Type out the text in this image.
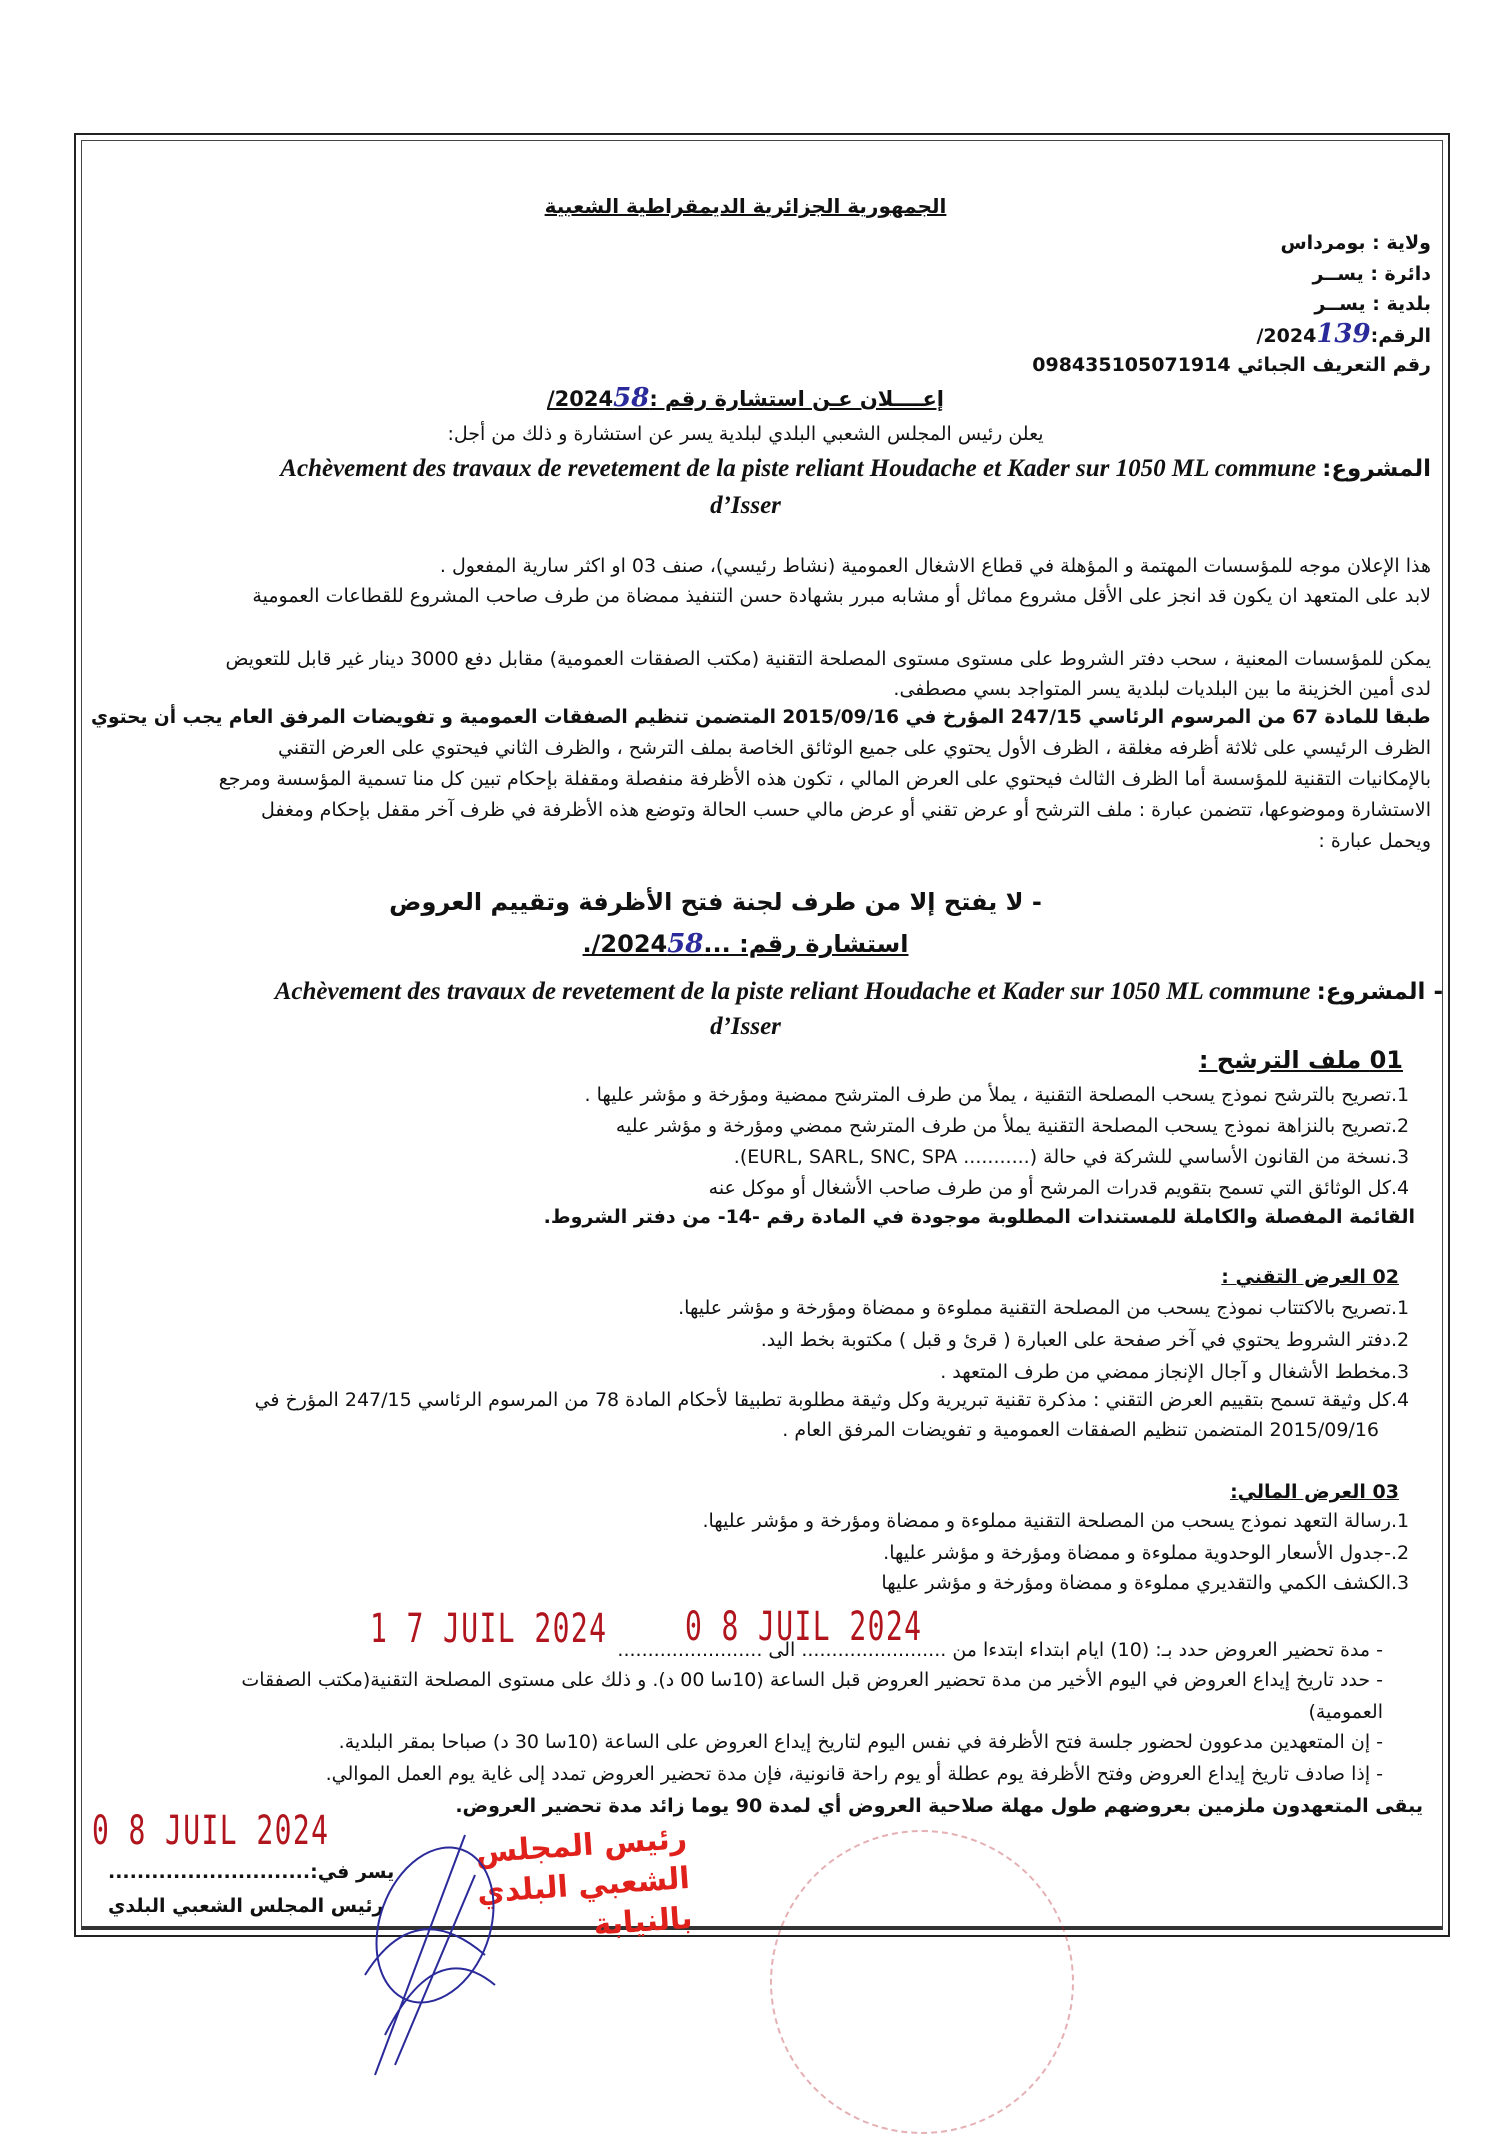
الجمهورية الجزائرية الديمقراطية الشعبية
ولاية : بومرداس
دائرة : يســر
بلدية : يســر
الرقم:139/2024
رقم التعريف الجبائي 09843510507191​4
إعــــلان عـن استشارة رقم :58/2024
يعلن رئيس المجلس الشعبي البلدي لبلدية يسر عن استشارة و ذلك من أجل:
المشروع: Achèvement des travaux de revetement de la piste reliant Houdache et Kader sur 1050 ML commune
d’Isser
هذا الإعلان موجه للمؤسسات المهتمة و المؤهلة في قطاع الاشغال العمومية (نشاط رئيسي)، صنف 03 او اكثر سارية المفعول .
لابد على المتعهد ان يكون قد انجز على الأقل مشروع مماثل أو مشابه مبرر بشهادة حسن التنفيذ ممضاة من طرف صاحب المشروع للقطاعات العمومية
يمكن للمؤسسات المعنية ، سحب دفتر الشروط على مستوى مستوى المصلحة التقنية (مكتب الصفقات العمومية) مقابل دفع 3000 دينار غير قابل للتعويض
لدى أمين الخزينة ما بين البلديات لبلدية يسر المتواجد بسي مصطفى.
طبقا للمادة 67 من المرسوم الرئاسي 247/15 المؤرخ في 2015/09/16 المتضمن تنظيم الصفقات العمومية و تفويضات المرفق العام يجب أن يحتوي
الظرف الرئيسي على ثلاثة أظرفه مغلقة ، الظرف الأول يحتوي على جميع الوثائق الخاصة بملف الترشح ، والظرف الثاني فيحتوي على العرض التقني
بالإمكانيات التقنية للمؤسسة أما الظرف الثالث فيحتوي على العرض المالي ، تكون هذه الأظرفة منفصلة ومقفلة بإحكام تبين كل منا تسمية المؤسسة ومرجع
الاستشارة وموضوعها، تتضمن عبارة : ملف الترشح أو عرض تقني أو عرض مالي حسب الحالة وتوضع هذه الأظرفة في ظرف آخر مقفل بإحكام ومغفل
ويحمل عبارة :
- لا يفتح إلا من طرف لجنة فتح الأظرفة وتقييم العروض
استشارة رقم: ...58./2024
- المشروع: Achèvement des travaux de revetement de la piste reliant Houdache et Kader sur 1050 ML commune
d’Isser
01 ملف الترشح :
1.تصريح بالترشح نموذج يسحب المصلحة التقنية ، يملأ من طرف المترشح ممضية ومؤرخة و مؤشر عليها .
2.تصريح بالنزاهة نموذج يسحب المصلحة التقنية يملأ من طرف المترشح ممضي ومؤرخة و مؤشر عليه
3.نسخة من القانون الأساسي للشركة في حالة (........... EURL, SARL, SNC, SPA).
4.كل الوثائق التي تسمح بتقويم قدرات المرشح أو من طرف صاحب الأشغال أو موكل عنه
القائمة المفصلة والكاملة للمستندات المطلوبة موجودة في المادة رقم -14- من دفتر الشروط.
02 العرض التقني :
1.تصريح بالاكتتاب نموذج يسحب من المصلحة التقنية مملوءة و ممضاة ومؤرخة و مؤشر عليها.
2.دفتر الشروط يحتوي في آخر صفحة على العبارة ( قرئ و قبل ) مكتوبة بخط اليد.
3.مخطط الأشغال و آجال الإنجاز ممضي من طرف المتعهد .
4.كل وثيقة تسمح بتقييم العرض التقني : مذكرة تقنية تبريرية وكل وثيقة مطلوبة تطبيقا لأحكام المادة 78 من المرسوم الرئاسي 247/15 المؤرخ في
2015/09/16 المتضمن تنظيم الصفقات العمومية و تفويضات المرفق العام .
03 العرض المالي:
1.رسالة التعهد نموذج يسحب من المصلحة التقنية مملوءة و ممضاة ومؤرخة و مؤشر عليها.
2.-جدول الأسعار الوحدوية مملوءة و ممضاة ومؤرخة و مؤشر عليها.
3.الكشف الكمي والتقديري مملوءة و ممضاة ومؤرخة و مؤشر عليها
0 8 JUIL 2024
1 7 JUIL 2024 - مدة تحضير العروض حدد بـ: (10) ايام ابتداء ابتدءا من ........................ الى ........................
- حدد تاريخ إيداع العروض في اليوم الأخير من مدة تحضير العروض قبل الساعة (10سا 00 د). و ذلك على مستوى المصلحة التقنية(مكتب الصفقات
العمومية)
- إن المتعهدين مدعوون لحضور جلسة فتح الأظرفة في نفس اليوم لتاريخ إيداع العروض على الساعة (10سا 30 د) صباحا بمقر البلدية.
- إذا صادف تاريخ إيداع العروض وفتح الأظرفة يوم عطلة أو يوم راحة قانونية، فإن مدة تحضير العروض تمدد إلى غاية يوم العمل الموالي.
يبقى المتعهدون ملزمين بعروضهم طول مهلة صلاحية العروض أي لمدة 90 يوما زائد مدة تحضير العروض.
0 8 JUIL 2024
يسر في:............................
رئيس المجلس الشعبي البلدي
رئيس المجلس الشعبي البلدي بالنيابة
